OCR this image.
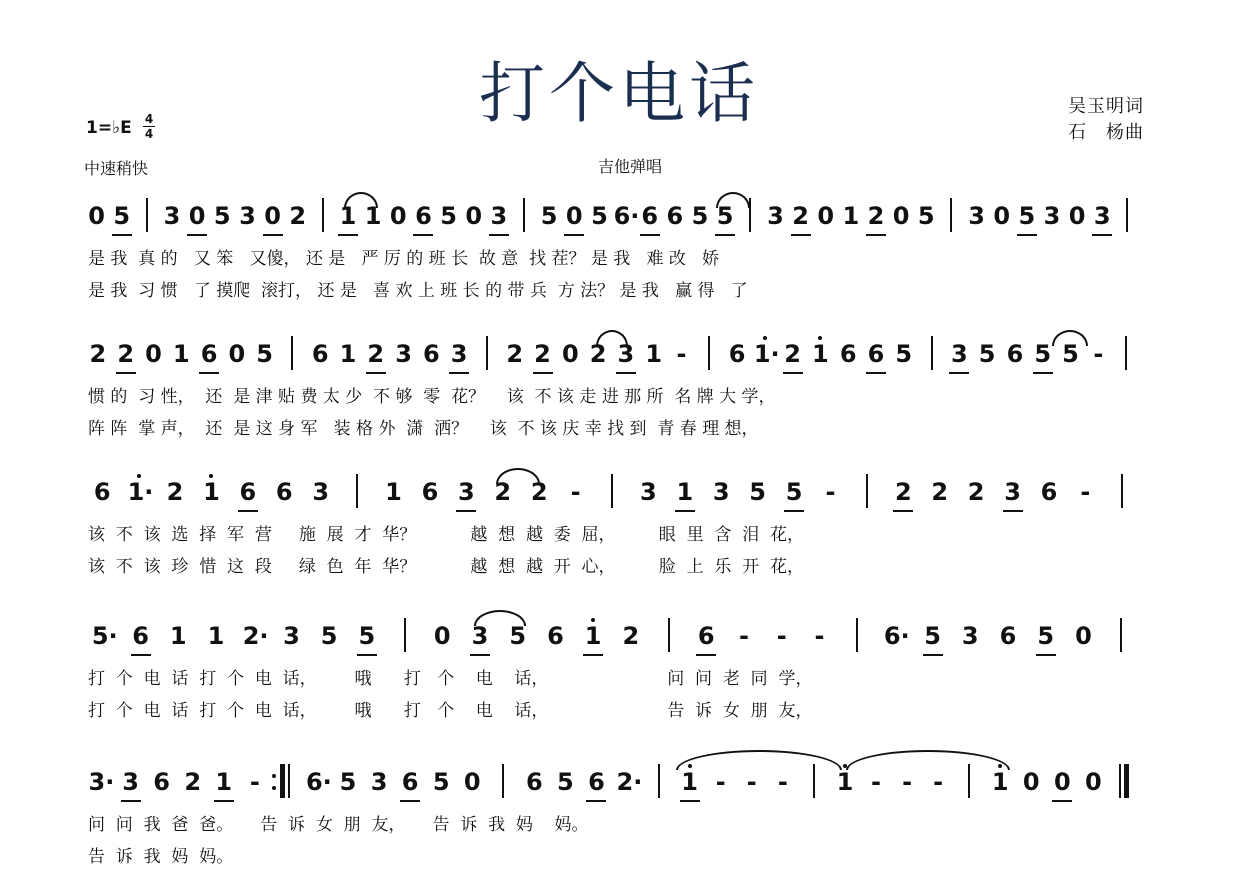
打个电话	吴玉明词
石　杨曲
1=♭E 4
4
中速稍快	吉他弹唱
0 5 3 0 5 3 0 2 1 1 0 6 5 0 3 5 0 5 6· 6 6 5 5 3 2 0 1 2 0 5 3 0 5 3 0 3
是 我  真 的   又 笨   又傻， 还 是   严 厉 的 班 长  故 意  找 茬？ 是 我   难 改   娇
是 我  习 惯   了 摸爬  滚打， 还 是   喜 欢 上 班 长 的 带 兵  方 法？ 是 我   赢 得   了
2 2 0 1 6 0 5 6 1 2 3 6 3 2 2 0 2 3 1 - 6 1· 2 1 6 6 5 3 5 6 5 5 -
惯 的  习 性，  还  是 津 贴 费 太 少  不 够  零  花？    该  不 该 走 进 那 所  名 牌 大 学，
阵 阵  掌 声，  还  是 这 身 军   装 格 外  潇  洒？    该  不 该 庆 幸 找 到  青 春 理 想，
6 1· 2 1 6 6 3 1 6 3 2 2 - 3 1 3 5 5 - 2 2 2 3 6 -
该  不  该  选  择  军  营     施  展  才  华？          越  想  越  委  屈，        眼  里  含  泪  花，
该  不  该  珍  惜  这  段     绿  色  年  华？          越  想  越  开  心，        脸  上  乐  开  花，
5· 6 1 1 2· 3 5 5 0 3 5 6 1 2 6 - - - 6· 5 3 6 5 0
打  个  电  话  打  个  电  话，       哦      打   个    电    话，                      问  问  老  同  学，
打  个  电  话  打  个  电  话，       哦      打   个    电    话，                      告  诉  女  朋  友，
3· 3 6 2 1 - 6· 5 3 6 5 0 6 5 6 2· 1 - - - 1 - - - 1 0 0 0
问  问  我  爸  爸。     告  诉  女  朋  友，     告  诉  我  妈    妈。
告  诉  我  妈  妈。
